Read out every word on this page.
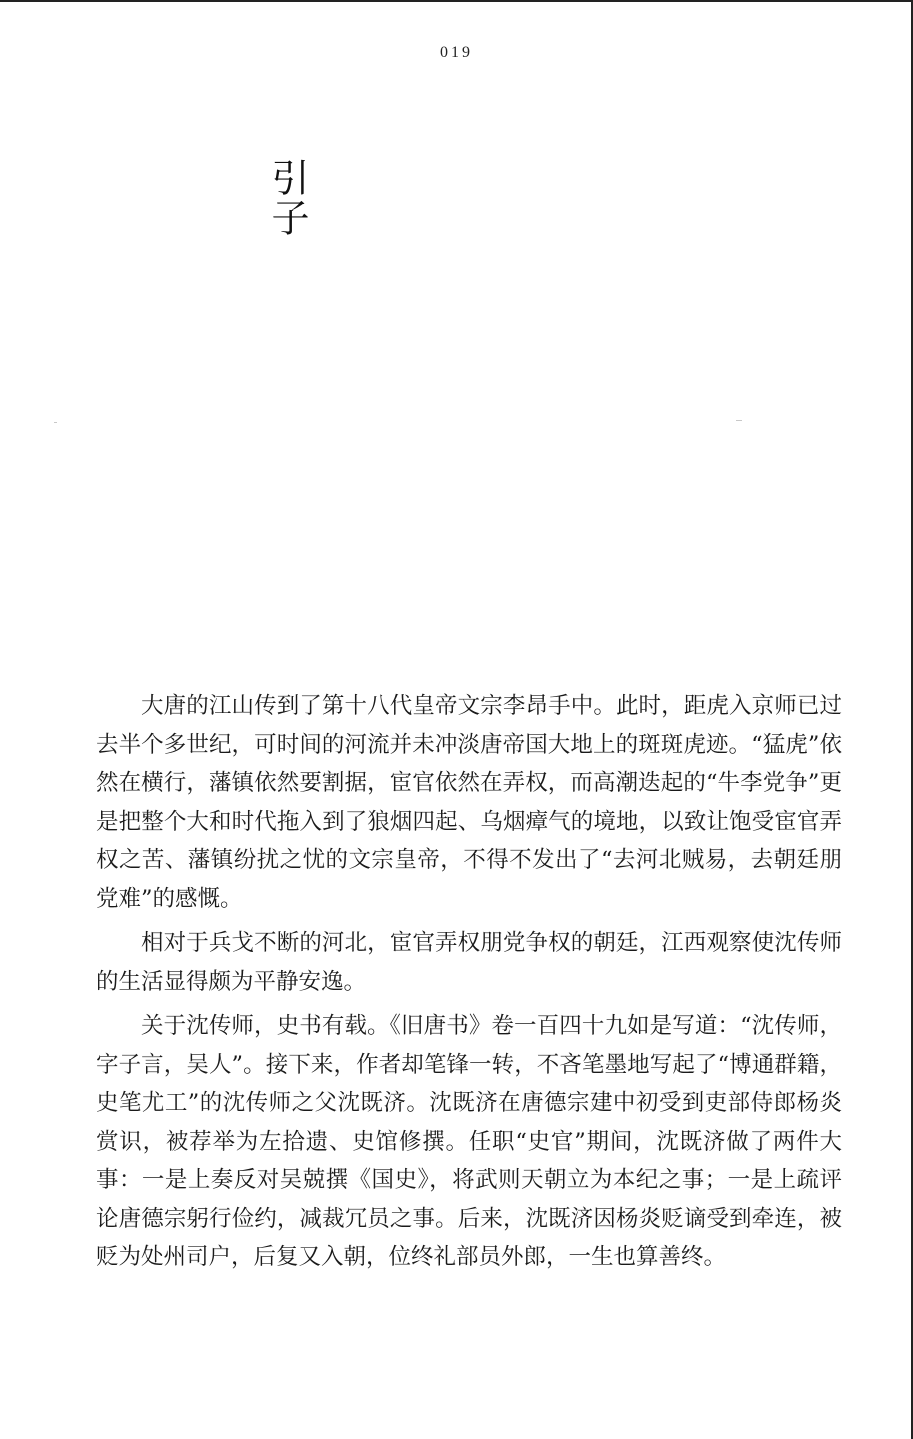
019
引子

大唐的江山传到了第十八代皇帝文宗李昂手中。此时，距虎入京师已过去半个多世纪，可时间的河流并未冲淡唐帝国大地上的斑斑虎迹。“猛虎”依然在横行，藩镇依然要割据，宦官依然在弄权，而高潮迭起的“牛李党争”更是把整个大和时代拖入到了狼烟四起、乌烟瘴气的境地，以致让饱受宦官弄权之苦、藩镇纷扰之忧的文宗皇帝，不得不发出了“去河北贼易，去朝廷朋党难”的感慨。

相对于兵戈不断的河北，宦官弄权朋党争权的朝廷，江西观察使沈传师的生活显得颇为平静安逸。

关于沈传师，史书有载。《旧唐书》卷一百四十九如是写道：“沈传师，字子言，吴人”。接下来，作者却笔锋一转，不吝笔墨地写起了“博通群籍，史笔尤工”的沈传师之父沈既济。沈既济在唐德宗建中初受到吏部侍郎杨炎赏识，被荐举为左拾遗、史馆修撰。任职“史官”期间，沈既济做了两件大事：一是上奏反对吴兢撰《国史》，将武则天朝立为本纪之事；一是上疏评论唐德宗躬行俭约，减裁冗员之事。后来，沈既济因杨炎贬谪受到牵连，被贬为处州司户，后复又入朝，位终礼部员外郎，一生也算善终。
